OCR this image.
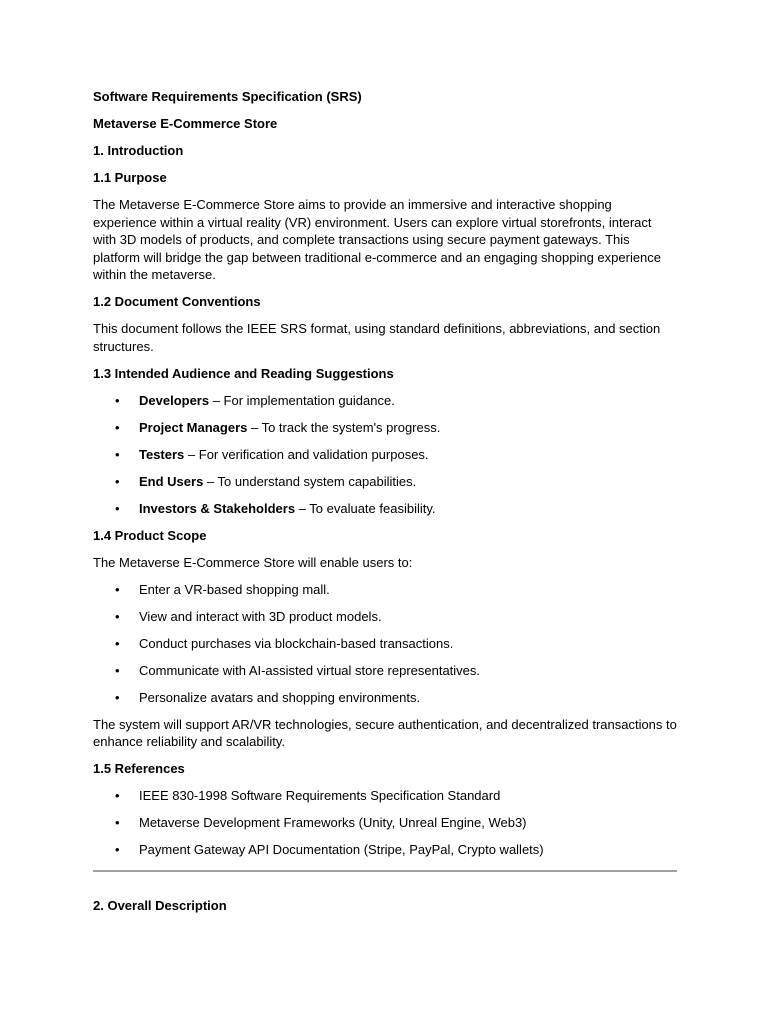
Software Requirements Specification (SRS)
Metaverse E-Commerce Store
1. Introduction
1.1 Purpose
The Metaverse E-Commerce Store aims to provide an immersive and interactive shopping experience within a virtual reality (VR) environment. Users can explore virtual storefronts, interact with 3D models of products, and complete transactions using secure payment gateways. This platform will bridge the gap between traditional e-commerce and an engaging shopping experience within the metaverse.
1.2 Document Conventions
This document follows the IEEE SRS format, using standard definitions, abbreviations, and section structures.
1.3 Intended Audience and Reading Suggestions
• Developers – For implementation guidance.
• Project Managers – To track the system's progress.
• Testers – For verification and validation purposes.
• End Users – To understand system capabilities.
• Investors & Stakeholders – To evaluate feasibility.
1.4 Product Scope
The Metaverse E-Commerce Store will enable users to:
• Enter a VR-based shopping mall.
• View and interact with 3D product models.
• Conduct purchases via blockchain-based transactions.
• Communicate with AI-assisted virtual store representatives.
• Personalize avatars and shopping environments.
The system will support AR/VR technologies, secure authentication, and decentralized transactions to enhance reliability and scalability.
1.5 References
• IEEE 830-1998 Software Requirements Specification Standard
• Metaverse Development Frameworks (Unity, Unreal Engine, Web3)
• Payment Gateway API Documentation (Stripe, PayPal, Crypto wallets)
2. Overall Description
